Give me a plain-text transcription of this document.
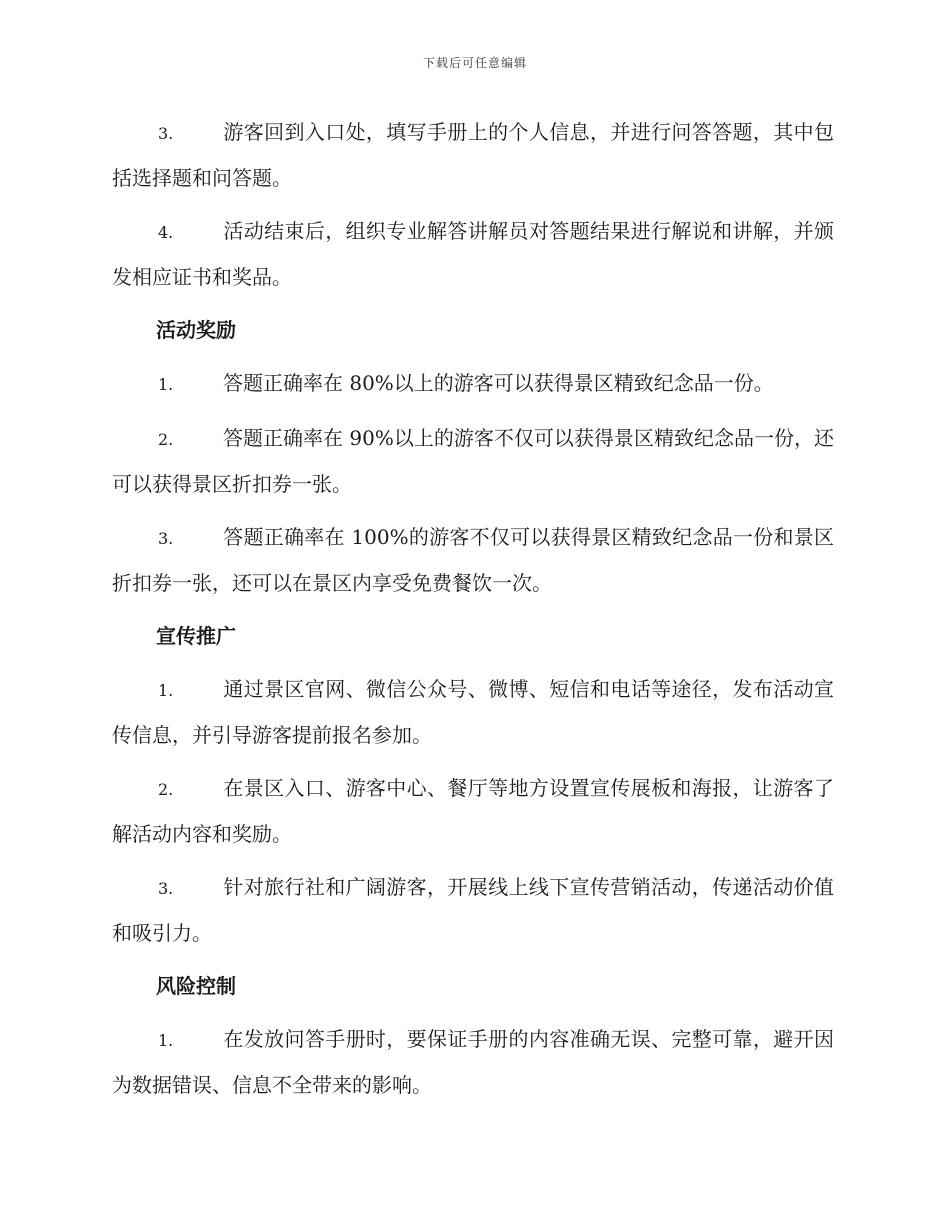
下载后可任意编辑

3. 游客回到入口处，填写手册上的个人信息，并进行问答答题，其中包括选择题和问答题。

4. 活动结束后，组织专业解答讲解员对答题结果进行解说和讲解，并颁发相应证书和奖品。

活动奖励

1. 答题正确率在 80%以上的游客可以获得景区精致纪念品一份。

2. 答题正确率在 90%以上的游客不仅可以获得景区精致纪念品一份，还可以获得景区折扣券一张。

3. 答题正确率在 100%的游客不仅可以获得景区精致纪念品一份和景区折扣券一张，还可以在景区内享受免费餐饮一次。

宣传推广

1. 通过景区官网、微信公众号、微博、短信和电话等途径，发布活动宣传信息，并引导游客提前报名参加。

2. 在景区入口、游客中心、餐厅等地方设置宣传展板和海报，让游客了解活动内容和奖励。

3. 针对旅行社和广阔游客，开展线上线下宣传营销活动，传递活动价值和吸引力。

风险控制

1. 在发放问答手册时，要保证手册的内容准确无误、完整可靠，避开因为数据错误、信息不全带来的影响。
